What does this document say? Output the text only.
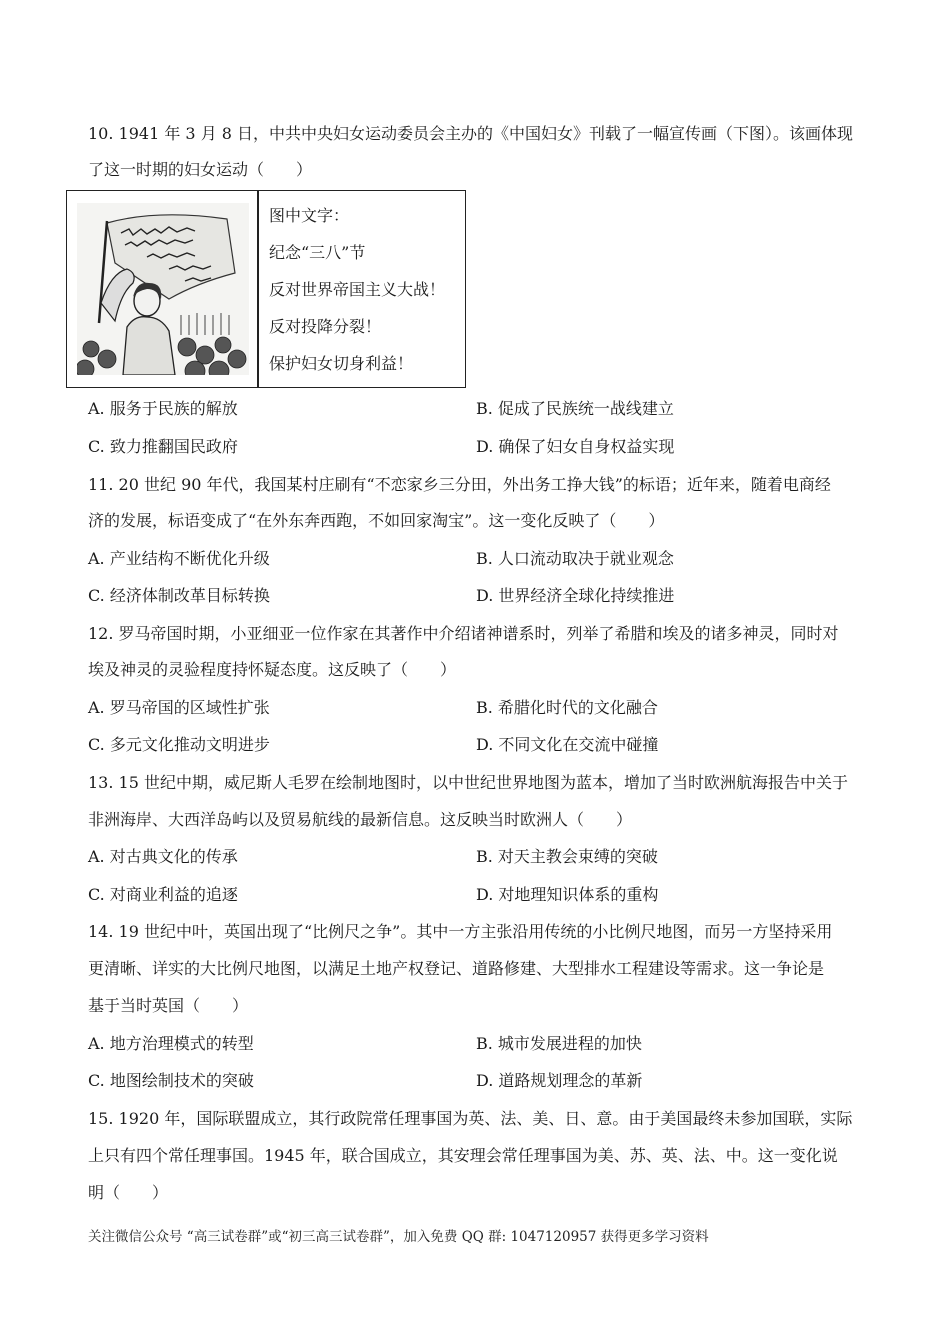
10. 1941 年 3 月 8 日，中共中央妇女运动委员会主办的《中国妇女》刊载了一幅宣传画（下图）。该画体现
了这一时期的妇女运动（　　）
图中文字：
纪念“三八”节
反对世界帝国主义大战！
反对投降分裂！
保护妇女切身利益！
A. 服务于民族的解放	B. 促成了民族统一战线建立
C. 致力推翻国民政府	D. 确保了妇女自身权益实现
11. 20 世纪 90 年代，我国某村庄刷有“不恋家乡三分田，外出务工挣大钱”的标语；近年来，随着电商经
济的发展，标语变成了“在外东奔西跑，不如回家淘宝”。这一变化反映了（　　）
A. 产业结构不断优化升级	B. 人口流动取决于就业观念
C. 经济体制改革目标转换	D. 世界经济全球化持续推进
12. 罗马帝国时期，小亚细亚一位作家在其著作中介绍诸神谱系时，列举了希腊和埃及的诸多神灵，同时对
埃及神灵的灵验程度持怀疑态度。这反映了（　　）
A. 罗马帝国的区域性扩张	B. 希腊化时代的文化融合
C. 多元文化推动文明进步	D. 不同文化在交流中碰撞
13. 15 世纪中期，威尼斯人毛罗在绘制地图时，以中世纪世界地图为蓝本，增加了当时欧洲航海报告中关于
非洲海岸、大西洋岛屿以及贸易航线的最新信息。这反映当时欧洲人（　　）
A. 对古典文化的传承	B. 对天主教会束缚的突破
C. 对商业利益的追逐	D. 对地理知识体系的重构
14. 19 世纪中叶，英国出现了“比例尺之争”。其中一方主张沿用传统的小比例尺地图，而另一方坚持采用
更清晰、详实的大比例尺地图，以满足土地产权登记、道路修建、大型排水工程建设等需求。这一争论是
基于当时英国（　　）
A. 地方治理模式的转型	B. 城市发展进程的加快
C. 地图绘制技术的突破	D. 道路规划理念的革新
15. 1920 年，国际联盟成立，其行政院常任理事国为英、法、美、日、意。由于美国最终未参加国联，实际
上只有四个常任理事国。1945 年，联合国成立，其安理会常任理事国为美、苏、英、法、中。这一变化说
明（　　）
关注微信公众号 “高三试卷群”或“初三高三试卷群”，加入免费 QQ 群: 1047120957 获得更多学习资料
